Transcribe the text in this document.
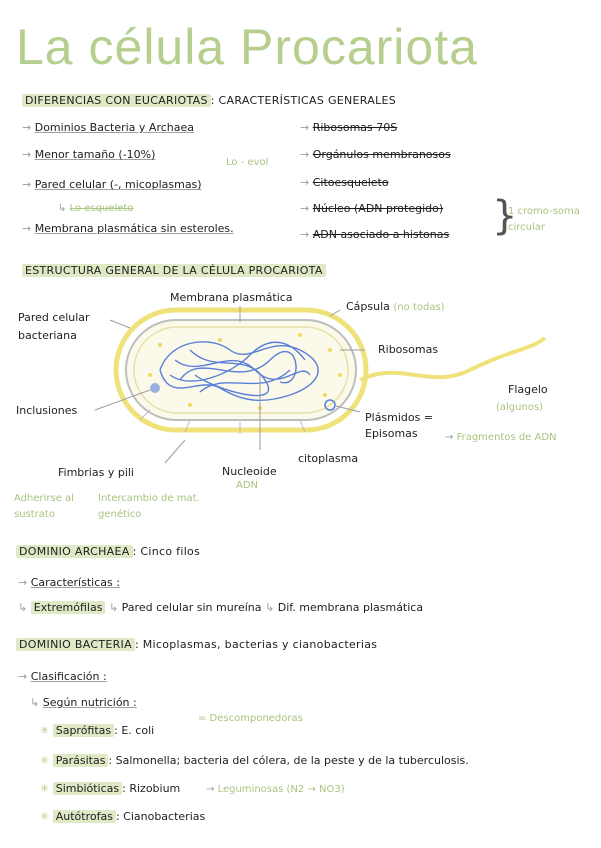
La célula Procariota
DIFERENCIAS CON EUCARIOTAS : CARACTERÍSTICAS GENERALES
→ Dominios Bacteria y Archaea
→ Menor tamaño (-10%)
Lo - evol
→ Pared celular (-, micoplasmas)
↳ Lo esqueleto
→ Membrana plasmática sin esteroles.
→ Ribosomas 70S
→ Orgánulos membranosos
→ Citoesqueleto
→ Núcleo (ADN protegido)
→ ADN asociado a histonas }
1 cromo-soma circular
ESTRUCTURA GENERAL DE LA CÉLULA PROCARIOTA
Pared celular bacteriana
Membrana plasmática
Cápsula (no todas)
Ribosomas
Flagelo
(algunos)
Inclusiones
Plásmidos = Episomas	→ Fragmentos de ADN
citoplasma
Nucleoide
ADN
Fimbrias y pili
Adherirse al sustrato
Intercambio de mat. genético
DOMINIO ARCHAEA : Cinco filos
→ Características :
↳ Extremófilas ↳ Pared celular sin mureína ↳ Dif. membrana plasmática
DOMINIO BACTERIA : Micoplasmas, bacterias y cianobacterias
→ Clasificación :
↳ Según nutrición :
✳ Saprófitas : E. coli
= Descomponedoras
✳ Parásitas : Salmonella; bacteria del cólera, de la peste y de la tuberculosis.
✳ Simbióticas : Rizobium	→ Leguminosas (N2 → NO3)
✳ Autótrofas : Cianobacterias
